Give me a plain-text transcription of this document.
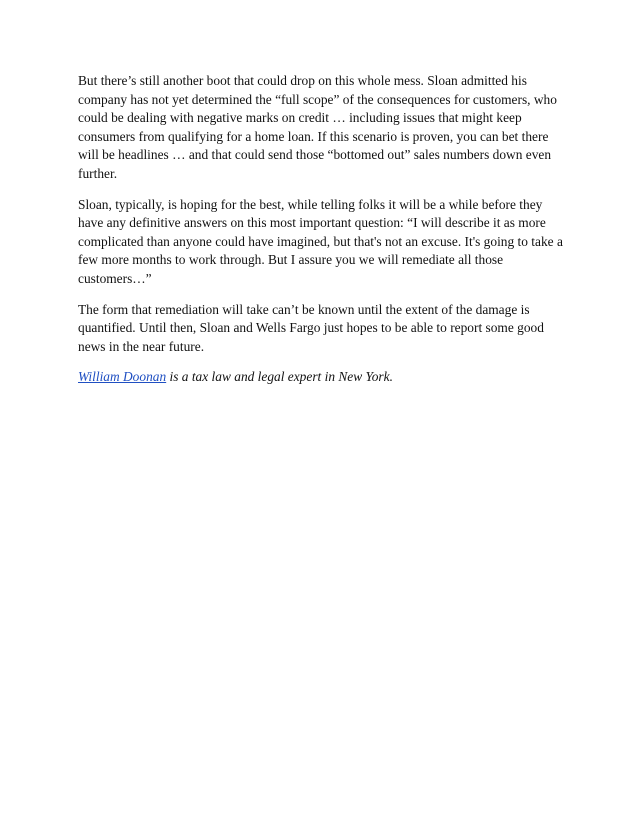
But there’s still another boot that could drop on this whole mess. Sloan admitted his company has not yet determined the “full scope” of the consequences for customers, who could be dealing with negative marks on credit … including issues that might keep consumers from qualifying for a home loan. If this scenario is proven, you can bet there will be headlines … and that could send those “bottomed out” sales numbers down even further.

Sloan, typically, is hoping for the best, while telling folks it will be a while before they have any definitive answers on this most important question: “I will describe it as more complicated than anyone could have imagined, but that's not an excuse. It's going to take a few more months to work through. But I assure you we will remediate all those customers…”

The form that remediation will take can’t be known until the extent of the damage is quantified. Until then, Sloan and Wells Fargo just hopes to be able to report some good news in the near future.

William Doonan is a tax law and legal expert in New York.
